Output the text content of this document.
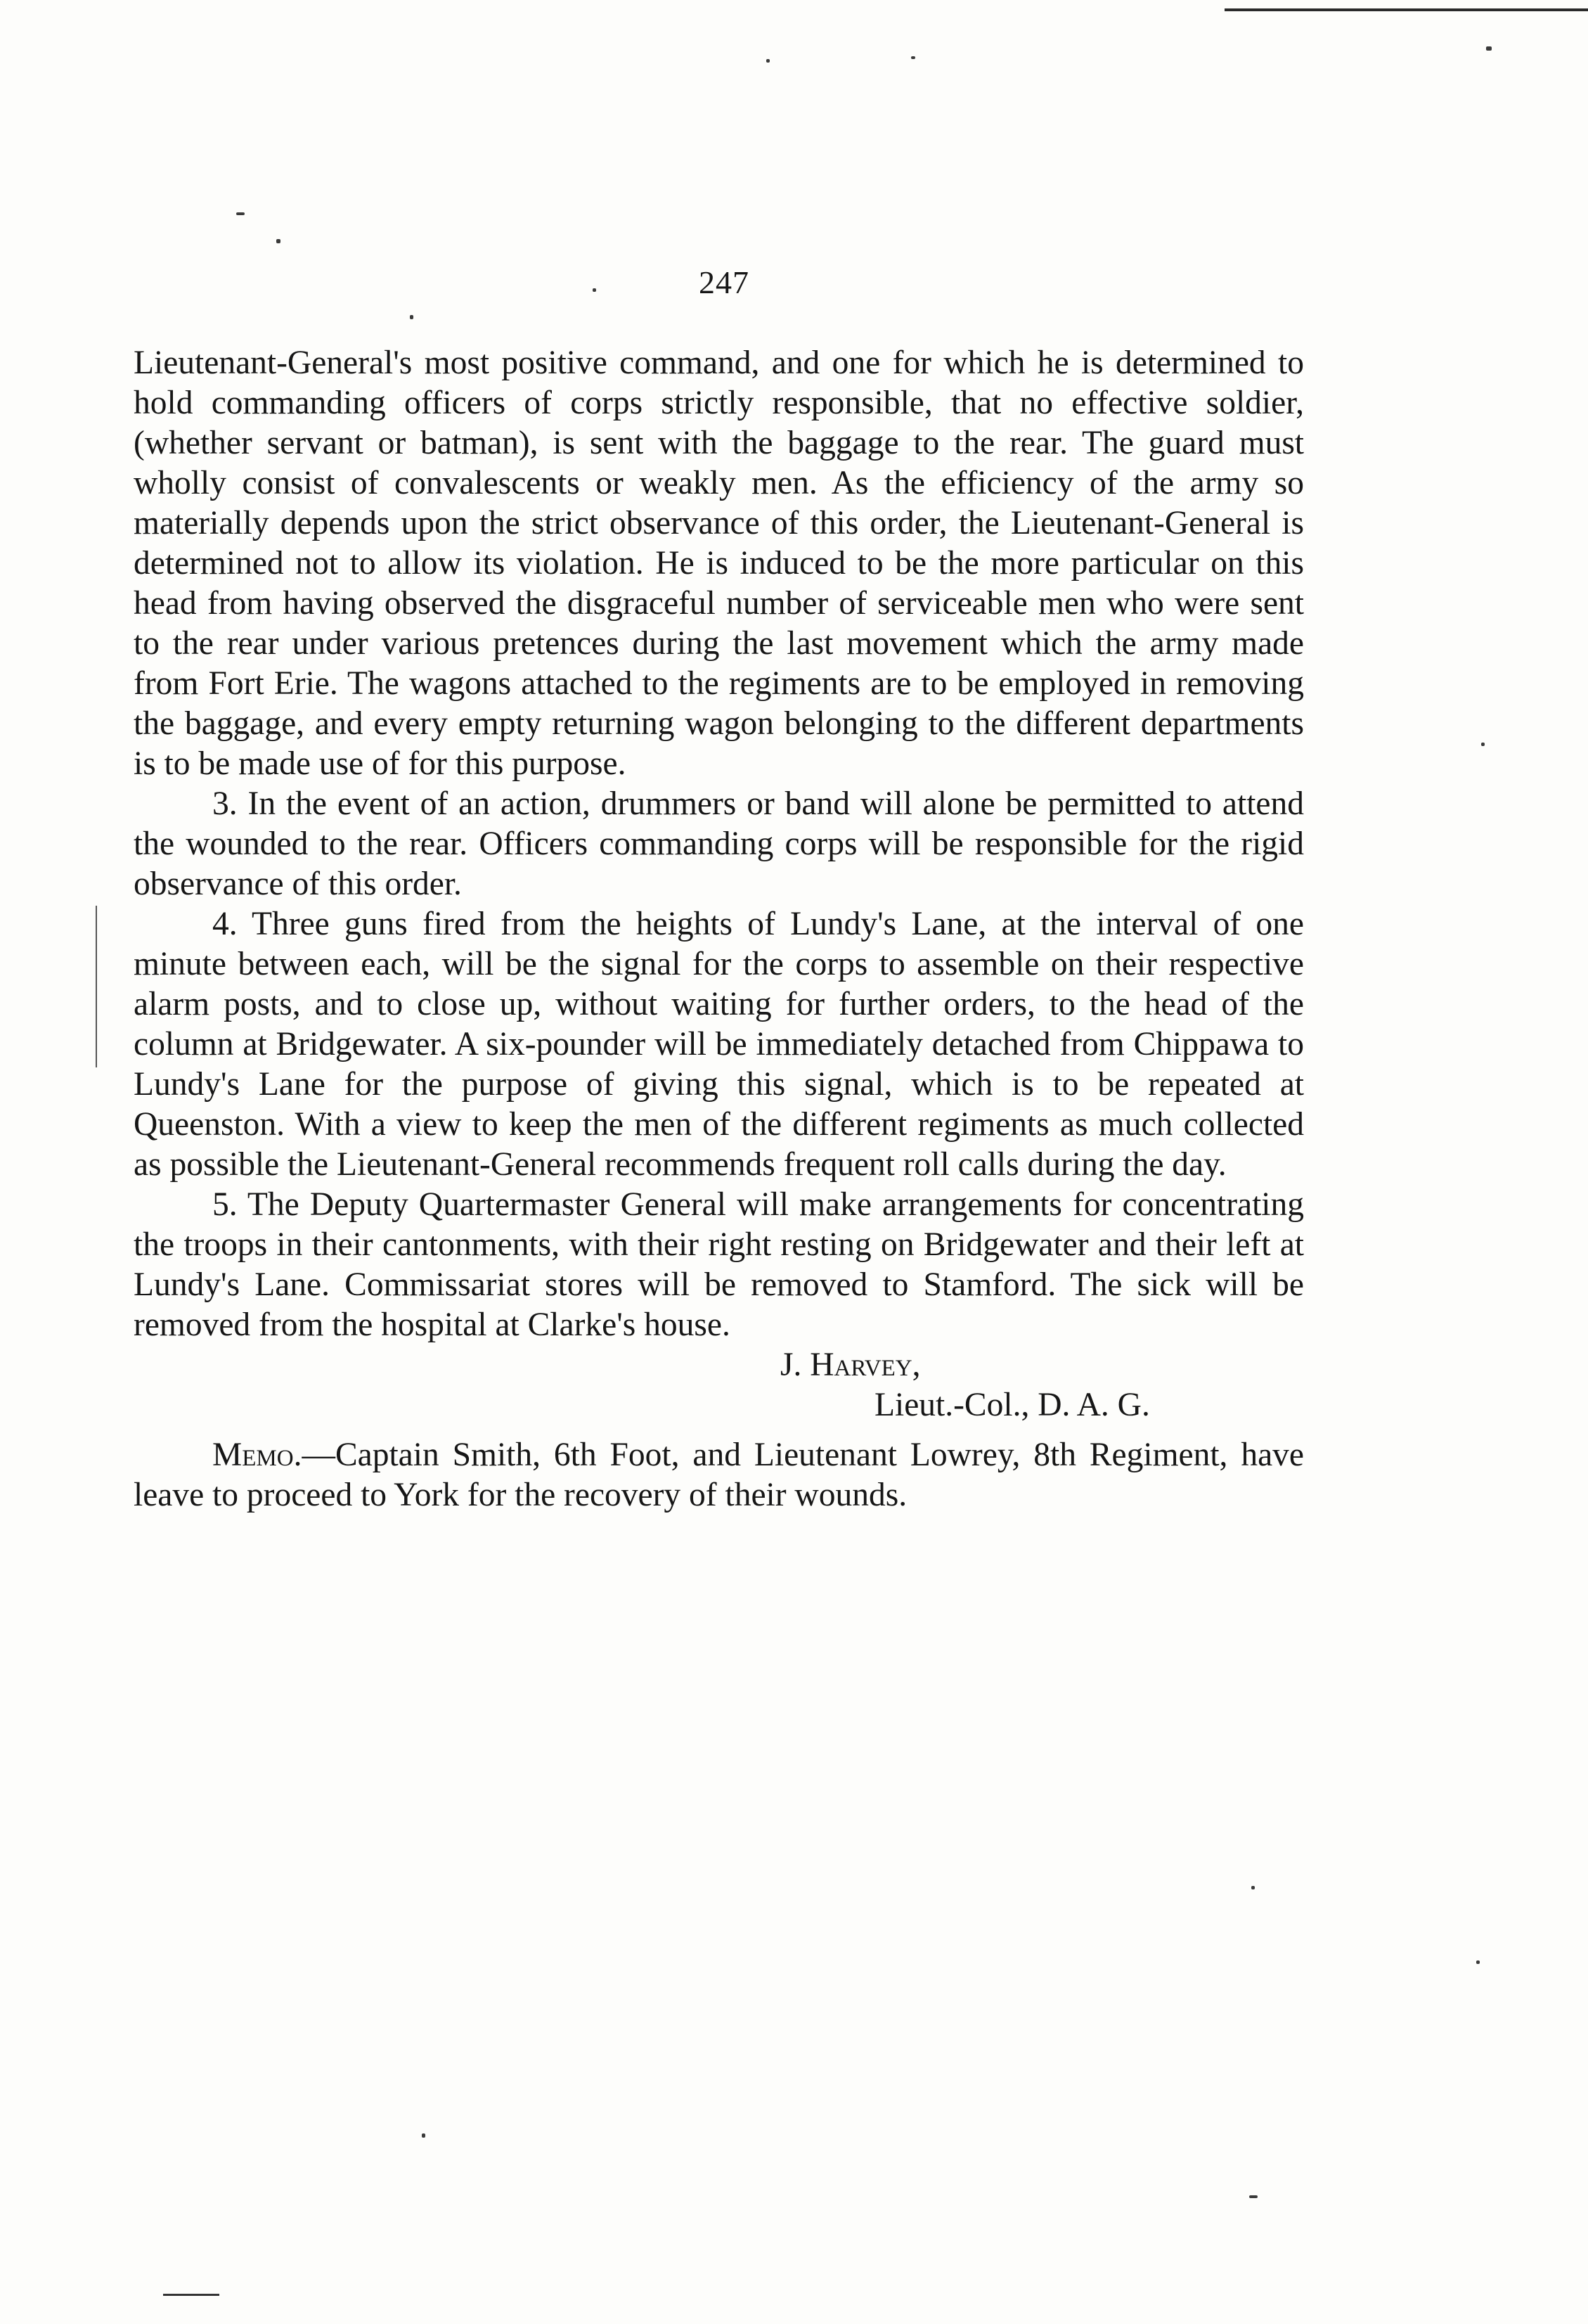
247

Lieutenant-General's most positive command, and one for which he is determined to hold commanding officers of corps strictly responsible, that no effective soldier, (whether servant or batman), is sent with the baggage to the rear. The guard must wholly consist of convalescents or weakly men. As the efficiency of the army so materially depends upon the strict observance of this order, the Lieutenant-General is determined not to allow its violation. He is induced to be the more particular on this head from having observed the disgraceful number of serviceable men who were sent to the rear under various pretences during the last movement which the army made from Fort Erie. The wagons attached to the regiments are to be employed in removing the baggage, and every empty returning wagon belonging to the different departments is to be made use of for this purpose.

3. In the event of an action, drummers or band will alone be permitted to attend the wounded to the rear. Officers commanding corps will be responsible for the rigid observance of this order.

4. Three guns fired from the heights of Lundy's Lane, at the interval of one minute between each, will be the signal for the corps to assemble on their respective alarm posts, and to close up, without waiting for further orders, to the head of the column at Bridgewater. A six-pounder will be immediately detached from Chippawa to Lundy's Lane for the purpose of giving this signal, which is to be repeated at Queenston. With a view to keep the men of the different regiments as much collected as possible the Lieutenant-General recommends frequent roll calls during the day.

5. The Deputy Quartermaster General will make arrangements for concentrating the troops in their cantonments, with their right resting on Bridgewater and their left at Lundy's Lane. Commissariat stores will be removed to Stamford. The sick will be removed from the hospital at Clarke's house.

J. Harvey,

Lieut.-Col., D. A. G.

Memo.—Captain Smith, 6th Foot, and Lieutenant Lowrey, 8th Regiment, have leave to proceed to York for the recovery of their wounds.
